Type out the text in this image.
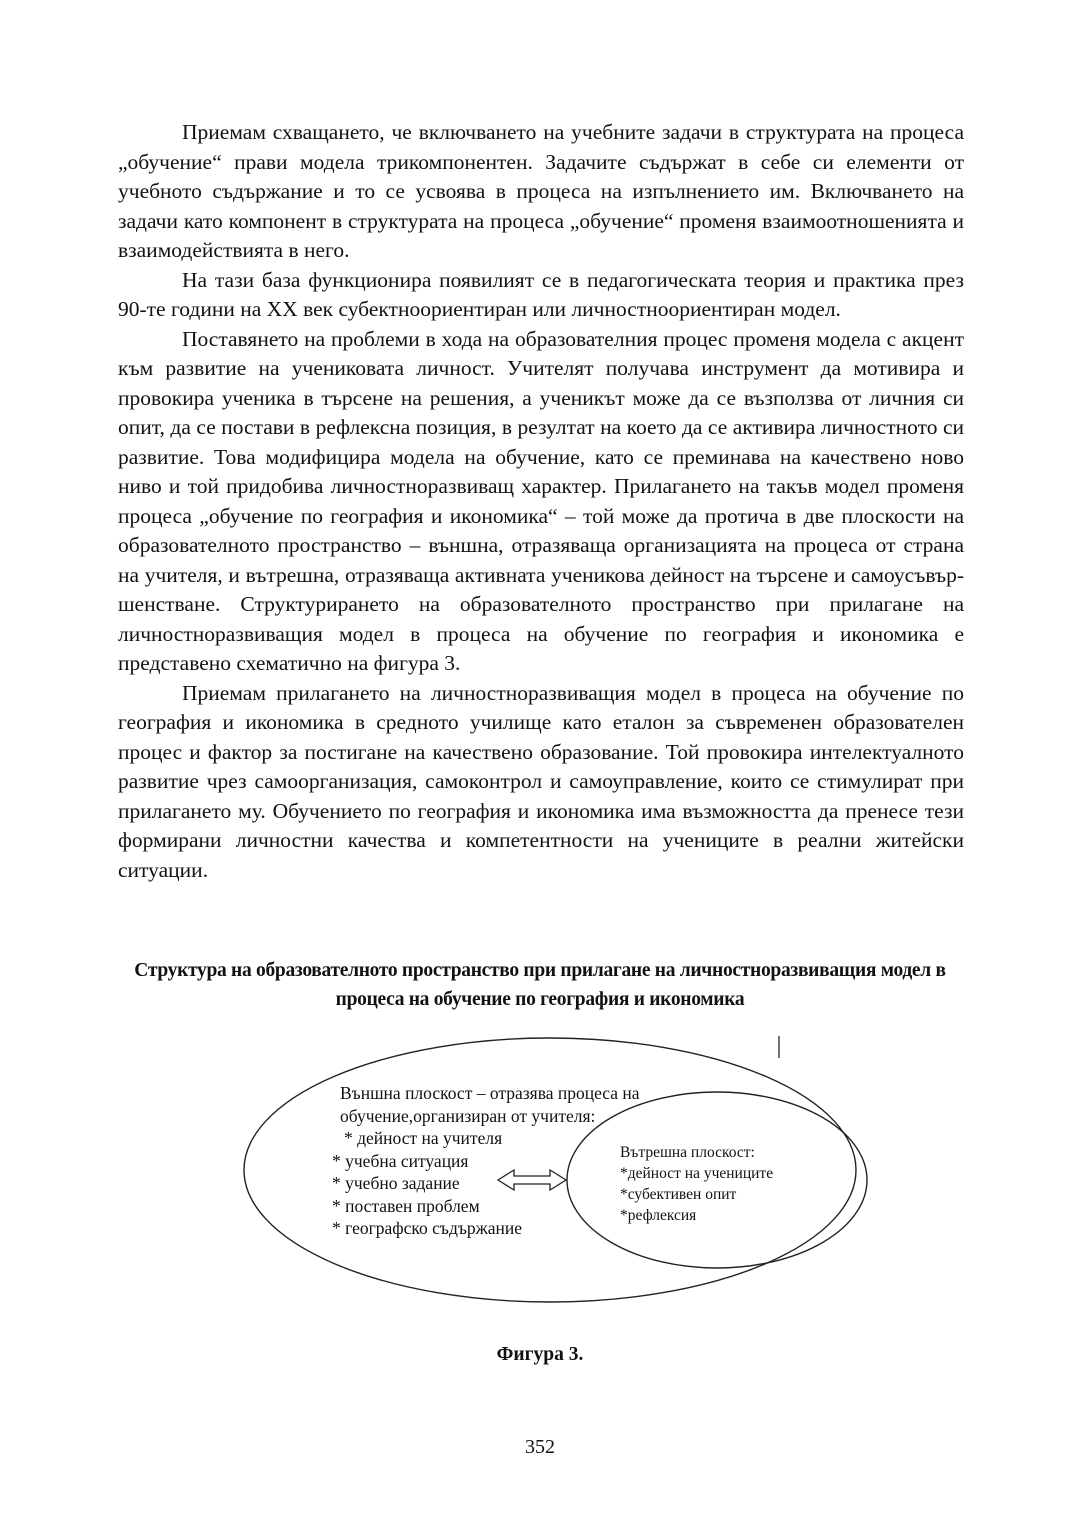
Приемам схващането, че включването на учебните задачи в структурата на процеса „обучение“ прави модела трикомпонентен. Задачите съдържат в себе си елементи от учебното съдържание и то се усвоява в процеса на изпълнението им. Включването на задачи като компонент в структурата на процеса „обучение“ променя взаимоотношенията и взаимодействията в него.

На тази база функционира появилият се в педагогическата теория и практика през 90-те години на XX век субектноориентиран или личностноориентиран модел.

Поставянето на проблеми в хода на образователния процес променя модела с акцент към развитие на учениковата личност. Учителят получава инструмент да мотивира и провокира ученика в търсене на решения, а ученикът може да се възползва от личния си опит, да се постави в рефлексна позиция, в резултат на което да се активира личностното си развитие. Това модифицира модела на обучение, като се преминава на качествено ново ниво и той придобива личностноразвиващ характер. Прилагането на такъв модел променя процеса „обучение по география и икономика“ – той може да протича в две плоскости на образователното пространство – външна, отразяваща организацията на процеса от страна на учителя, и вътрешна, отразяваща активната ученикова дейност на търсене и самоусъвършенстване. Структурирането на образователното пространство при прилагане на личностноразвиващия модел в процеса на обучение по география и икономика е представено схематично на фигура 3.

Приемам прилагането на личностноразвиващия модел в процеса на обучение по география и икономика в средното училище като еталон за съвременен образователен процес и фактор за постигане на качествено образование. Той провокира интелектуалното развитие чрез самоорганизация, самоконтрол и самоуправление, които се стимулират при прилагането му. Обучението по география и икономика има възможността да пренесе тези формирани личностни качества и компетентности на учениците в реални житейски ситуации.

Структура на образователното пространство при прилагане на личностноразвиващия модел в процеса на обучение по география и икономика
Външна плоскост – отразява процеса на
обучение,организиран от учителя:
* дейност на учителя
* учебна ситуация
* учебно задание
* поставен проблем
* географско съдържание
Вътрешна плоскост:
*дейност на учениците
*субективен опит
*рефлексия
Фигура 3.
352
